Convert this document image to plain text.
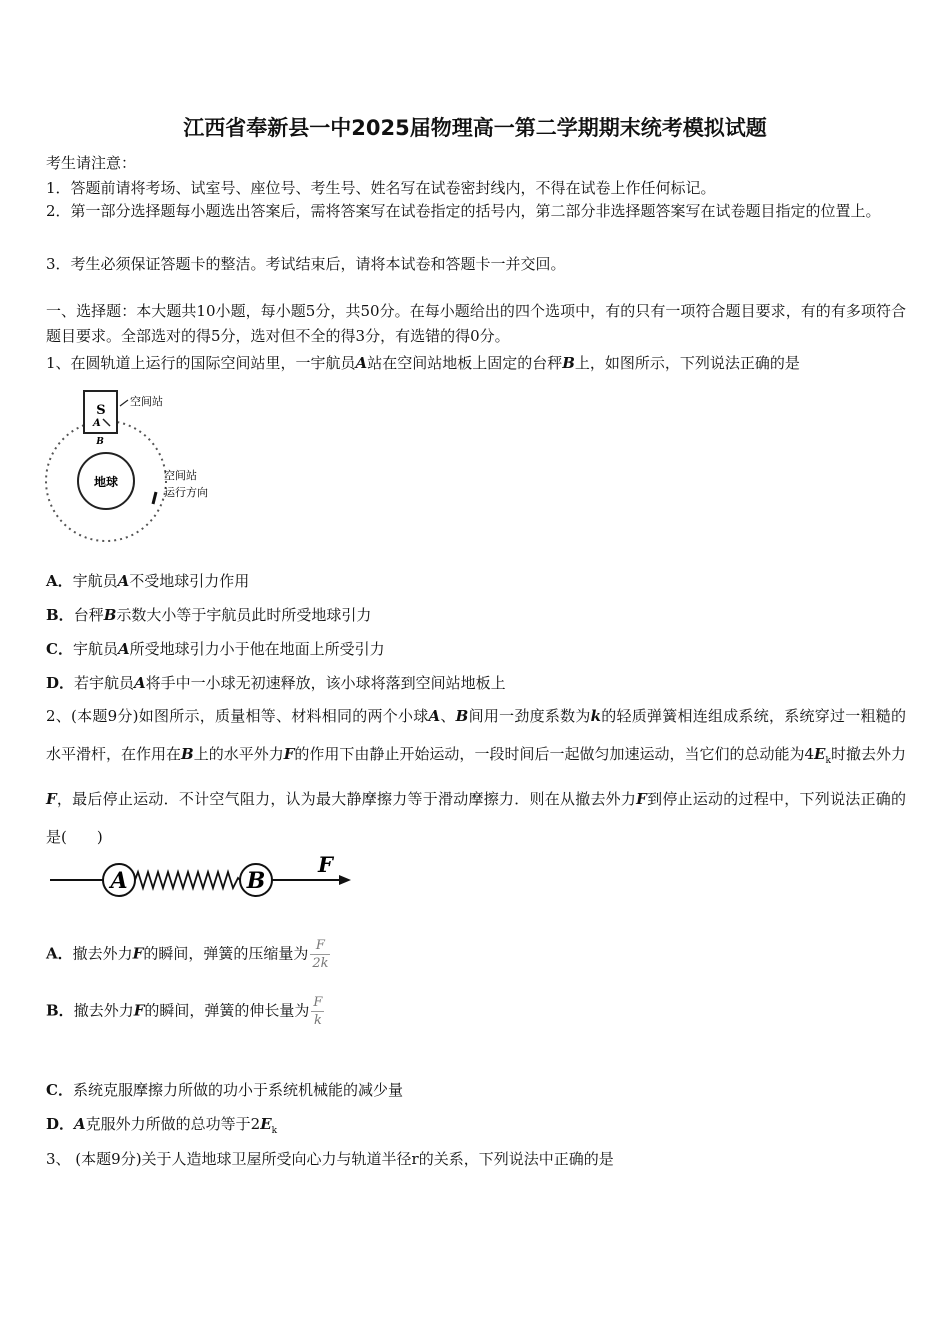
江西省奉新县一中2025届物理高一第二学期期末统考模拟试题
考生请注意：
1．答题前请将考场、试室号、座位号、考生号、姓名写在试卷密封线内，不得在试卷上作任何标记。
2．第一部分选择题每小题选出答案后，需将答案写在试卷指定的括号内，第二部分非选择题答案写在试卷题目指定的位置上。
3．考生必须保证答题卡的整洁。考试结束后，请将本试卷和答题卡一并交回。
一、选择题：本大题共10小题，每小题5分，共50分。在每小题给出的四个选项中，有的只有一项符合题目要求，有的有多项符合题目要求。全部选对的得5分，选对但不全的得3分，有选错的得0分。
1、在圆轨道上运行的国际空间站里，一宇航员A站在空间站地板上固定的台秤B上，如图所示，下列说法正确的是
地球
S
A
B
空间站
空间站
运行方向
A．宇航员A不受地球引力作用
B．台秤B示数大小等于宇航员此时所受地球引力
C．宇航员A所受地球引力小于他在地面上所受引力
D．若宇航员A将手中一小球无初速释放，该小球将落到空间站地板上
2、(本题9分)如图所示，质量相等、材料相同的两个小球A、B间用一劲度系数为k的轻质弹簧相连组成系统，系统穿过一粗糙的水平滑杆，在作用在B上的水平外力F的作用下由静止开始运动，一段时间后一起做匀加速运动，当它们的总动能为$4E_k$时撤去外力F，最后停止运动．不计空气阻力，认为最大静摩擦力等于滑动摩擦力．则在从撤去外力F到停止运动的过程中，下列说法正确的是(　　)
A	B
F
A．撤去外力F的瞬间，弹簧的压缩量为 $\frac{F}{2k}$
B．撤去外力F的瞬间，弹簧的伸长量为 $\frac{F}{k}$
C．系统克服摩擦力所做的功小于系统机械能的减少量
D．A克服外力所做的总功等于$2E_k$
3、 (本题9分)关于人造地球卫屋所受向心力与轨道半径r的关系，下列说法中正确的是
